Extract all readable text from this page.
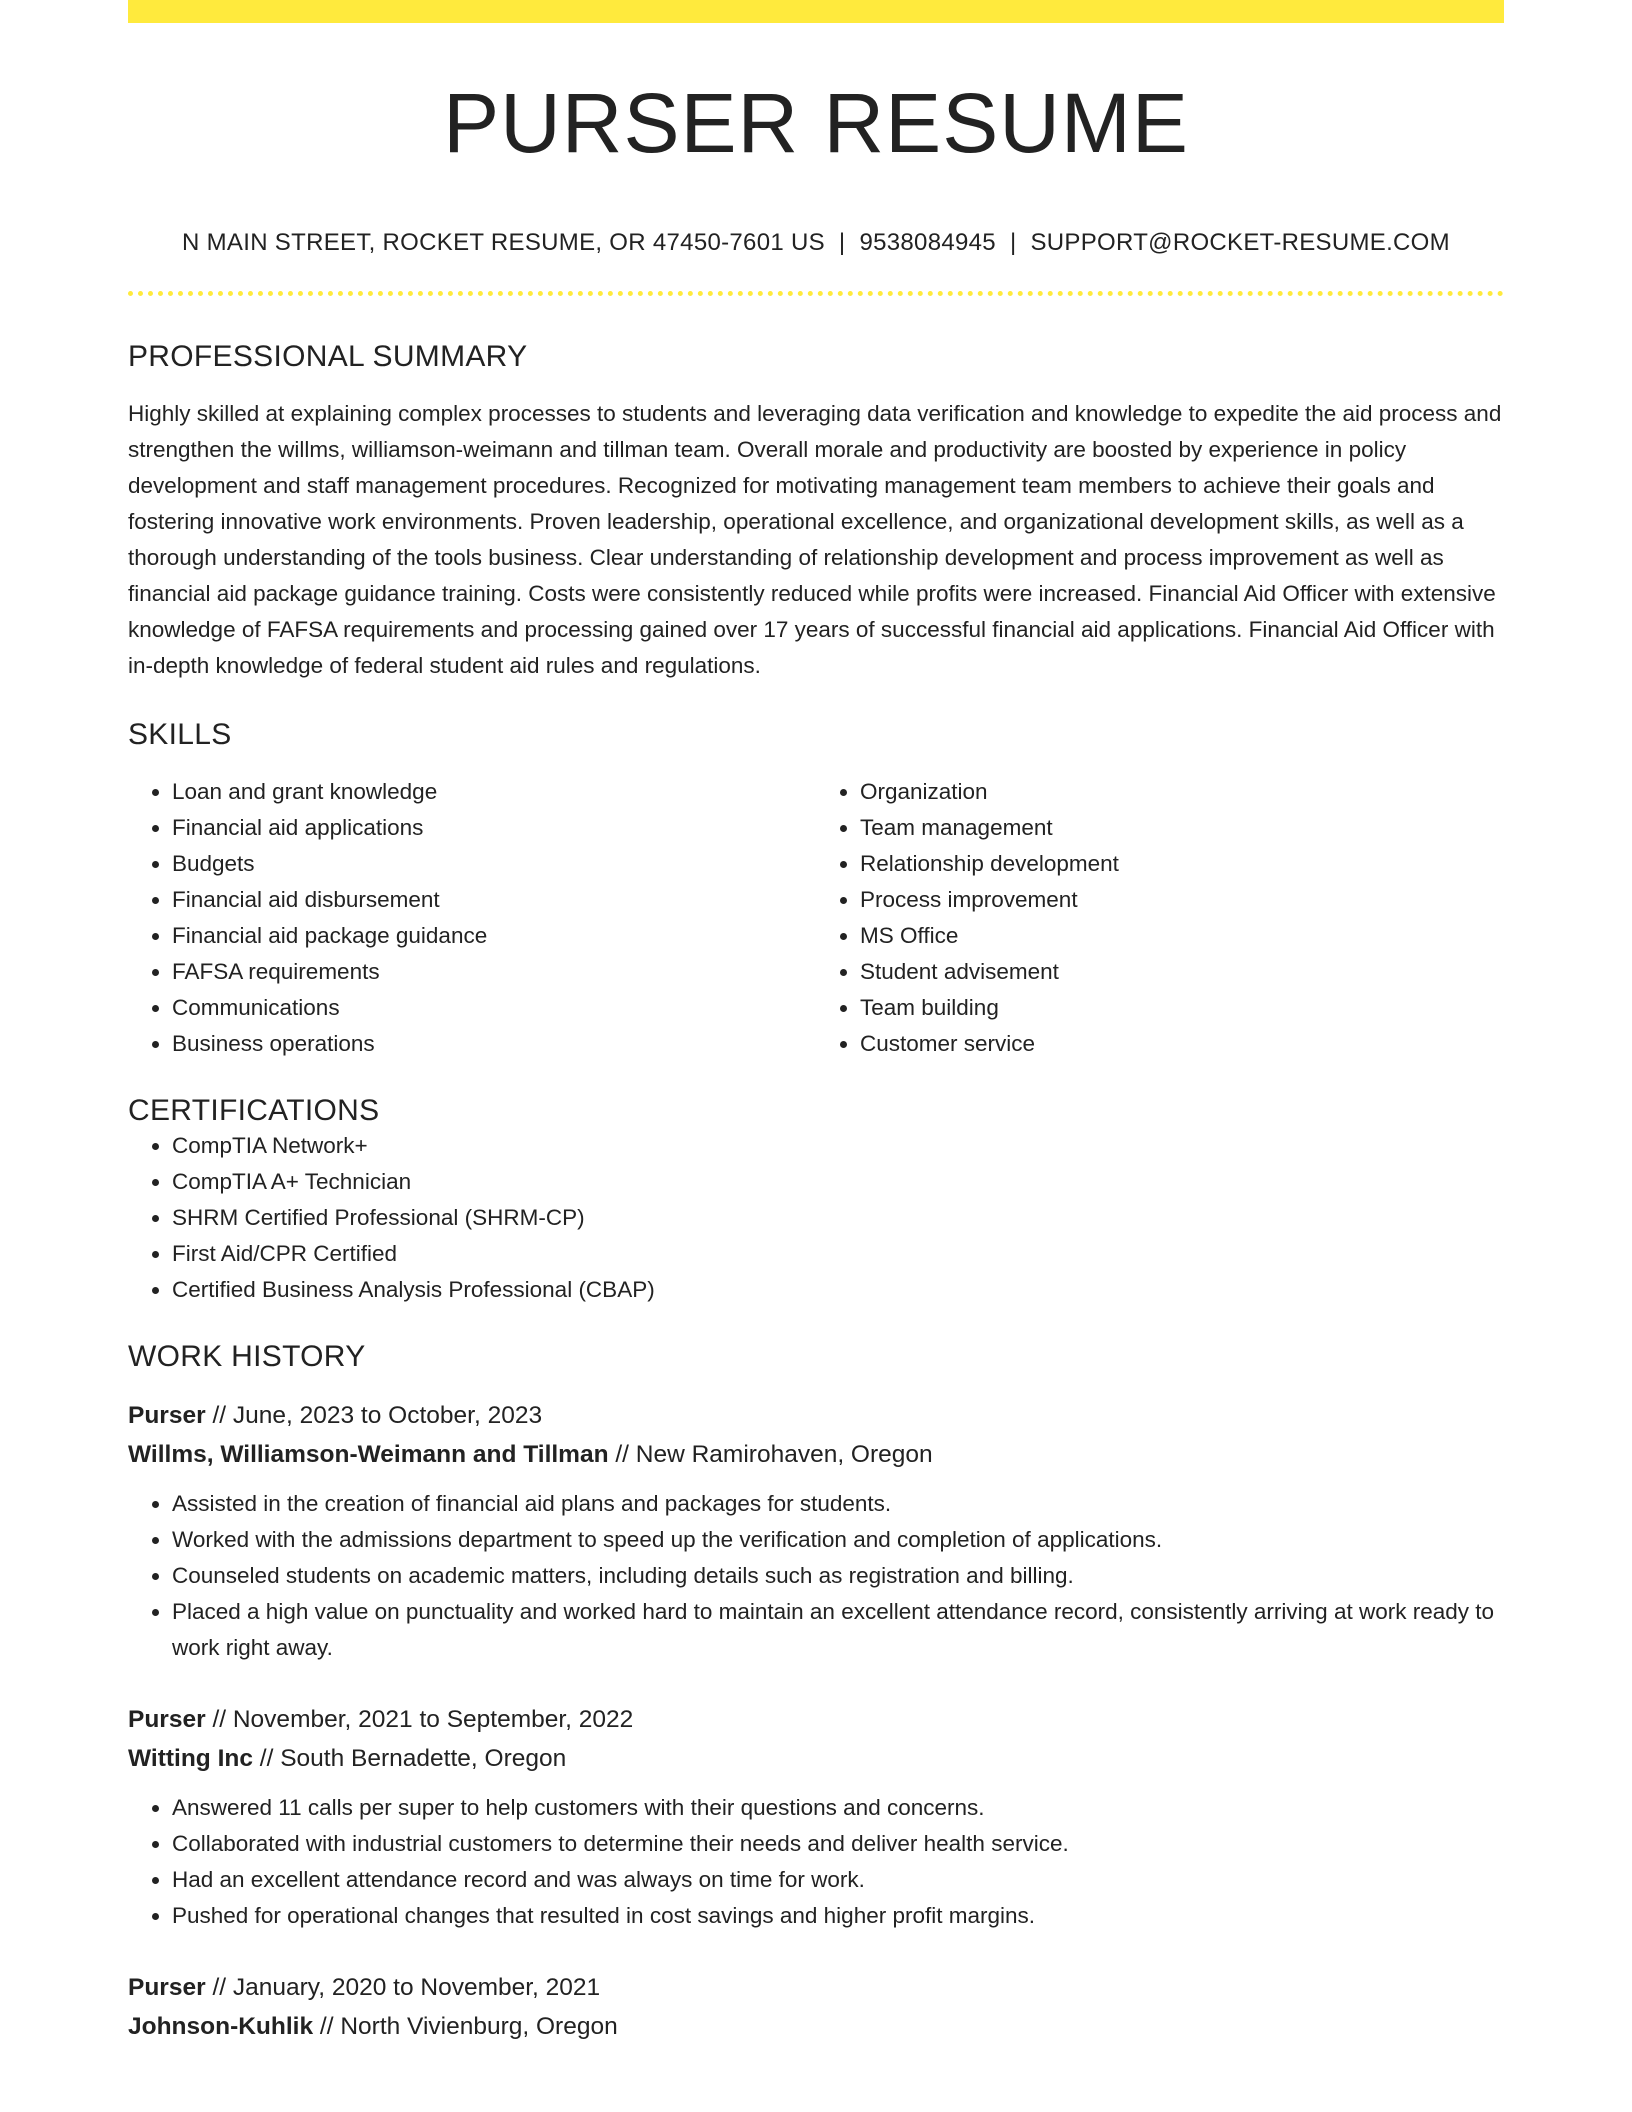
PURSER RESUME
N MAIN STREET, ROCKET RESUME, OR 47450-7601 US | 9538084945 | SUPPORT@ROCKET-RESUME.COM
PROFESSIONAL SUMMARY
Highly skilled at explaining complex processes to students and leveraging data verification and knowledge to expedite the aid process and strengthen the willms, williamson-weimann and tillman team. Overall morale and productivity are boosted by experience in policy development and staff management procedures. Recognized for motivating management team members to achieve their goals and fostering innovative work environments. Proven leadership, operational excellence, and organizational development skills, as well as a thorough understanding of the tools business. Clear understanding of relationship development and process improvement as well as financial aid package guidance training. Costs were consistently reduced while profits were increased. Financial Aid Officer with extensive knowledge of FAFSA requirements and processing gained over 17 years of successful financial aid applications. Financial Aid Officer with in-depth knowledge of federal student aid rules and regulations.
SKILLS
• Loan and grant knowledge
• Financial aid applications
• Budgets
• Financial aid disbursement
• Financial aid package guidance
• FAFSA requirements
• Communications
• Business operations
• Organization
• Team management
• Relationship development
• Process improvement
• MS Office
• Student advisement
• Team building
• Customer service
CERTIFICATIONS
• CompTIA Network+
• CompTIA A+ Technician
• SHRM Certified Professional (SHRM-CP)
• First Aid/CPR Certified
• Certified Business Analysis Professional (CBAP)
WORK HISTORY
Purser // June, 2023 to October, 2023
Willms, Williamson-Weimann and Tillman // New Ramirohaven, Oregon
• Assisted in the creation of financial aid plans and packages for students.
• Worked with the admissions department to speed up the verification and completion of applications.
• Counseled students on academic matters, including details such as registration and billing.
• Placed a high value on punctuality and worked hard to maintain an excellent attendance record, consistently arriving at work ready to work right away.
Purser // November, 2021 to September, 2022
Witting Inc // South Bernadette, Oregon
• Answered 11 calls per super to help customers with their questions and concerns.
• Collaborated with industrial customers to determine their needs and deliver health service.
• Had an excellent attendance record and was always on time for work.
• Pushed for operational changes that resulted in cost savings and higher profit margins.
Purser // January, 2020 to November, 2021
Johnson-Kuhlik // North Vivienburg, Oregon
